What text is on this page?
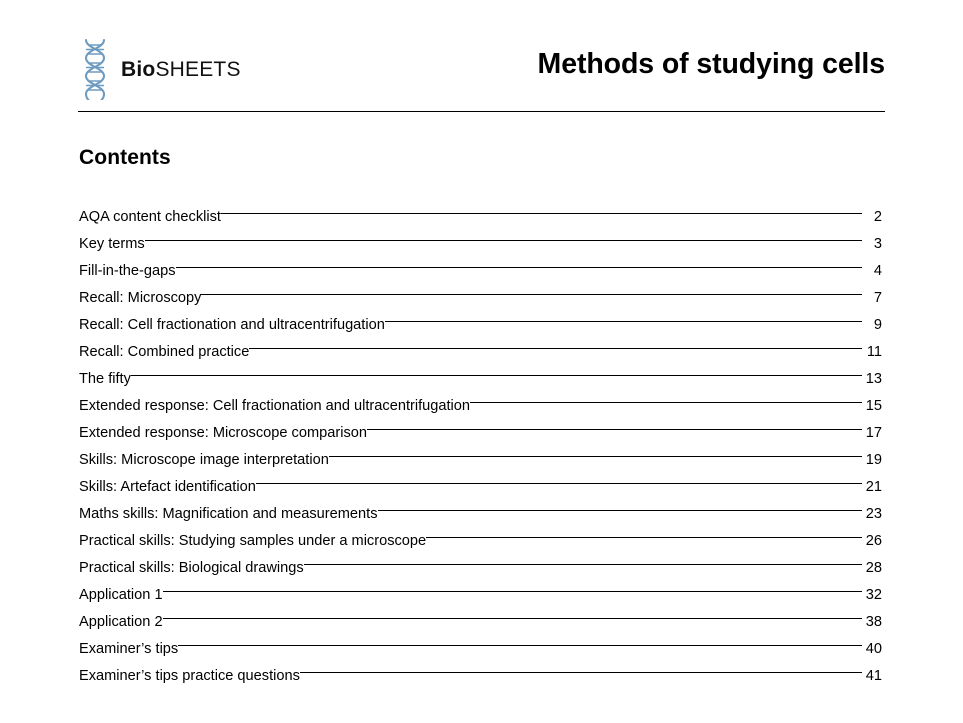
BioSHEETS	Methods of studying cells
Contents
AQA content checklist	2
Key terms	3
Fill-in-the-gaps	4
Recall: Microscopy	7
Recall: Cell fractionation and ultracentrifugation	9
Recall: Combined practice	11
The fifty	13
Extended response: Cell fractionation and ultracentrifugation	15
Extended response: Microscope comparison	17
Skills: Microscope image interpretation	19
Skills: Artefact identification	21
Maths skills: Magnification and measurements	23
Practical skills: Studying samples under a microscope	26
Practical skills: Biological drawings	28
Application 1	32
Application 2	38
Examiner’s tips	40
Examiner’s tips practice questions	41
